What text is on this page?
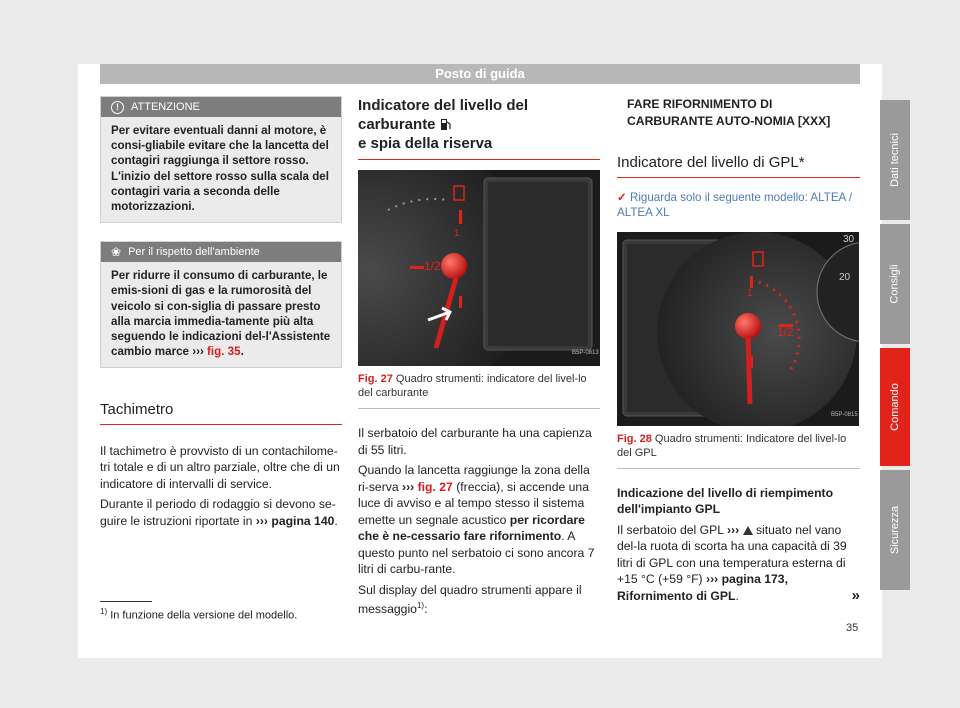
Posto di guida
!	ATTENZIONE
Per evitare eventuali danni al motore, è consi-gliabile evitare che la lancetta del contagiri raggiunga il settore rosso. L'inizio del settore rosso sulla scala del contagiri varia a seconda delle motorizzazioni.
❀ Per il rispetto dell'ambiente
Per ridurre il consumo di carburante, le emis-sioni di gas e la rumorosità del veicolo si con-siglia di passare presto alla marcia immedia-tamente più alta seguendo le indicazioni del-l'Assistente cambio marce ››› fig. 35.
Tachimetro

Il tachimetro è provvisto di un contachilome-tri totale e di un altro parziale, oltre che di un indicatore di intervalli di service.

Durante il periodo di rodaggio si devono se-guire le istruzioni riportate in ››› pagina 140.

Indicatore del livello del carburante
e spia della riserva
1
1/2
B5P-0813
Fig. 27 Quadro strumenti: indicatore del livel-lo del carburante

Il serbatoio del carburante ha una capienza di 55 litri.

Quando la lancetta raggiunge la zona della ri-serva ››› fig. 27 (freccia), si accende una luce di avviso e al tempo stesso il sistema emette un segnale acustico per ricordare che è ne-cessario fare rifornimento. A questo punto nel serbatoio ci sono ancora 7 litri di carbu-rante.

Sul display del quadro strumenti appare il messaggio$^{1)}$:

FARE RIFORNIMENTO DI CARBURANTE AUTO-NOMIA [XXX]

Indicatore del livello di GPL*
✓ Riguarda solo il seguente modello: ALTEA / ALTEA XL
30
20
1
1/2
B5P-0815
Fig. 28 Quadro strumenti: Indicatore del livel-lo del GPL

Indicazione del livello di riempimento dell'impianto GPL

Il serbatoio del GPL ››› situato nel vano del-la ruota di scorta ha una capacità di 39 litri di GPL con una temperatura esterna di +15 °C (+59 °F) ››› pagina 173, Rifornimento di GPL.	»

Dati tecnici
Consigli
Comando
Sicurezza
$^{1)}$ In funzione della versione del modello.
35
